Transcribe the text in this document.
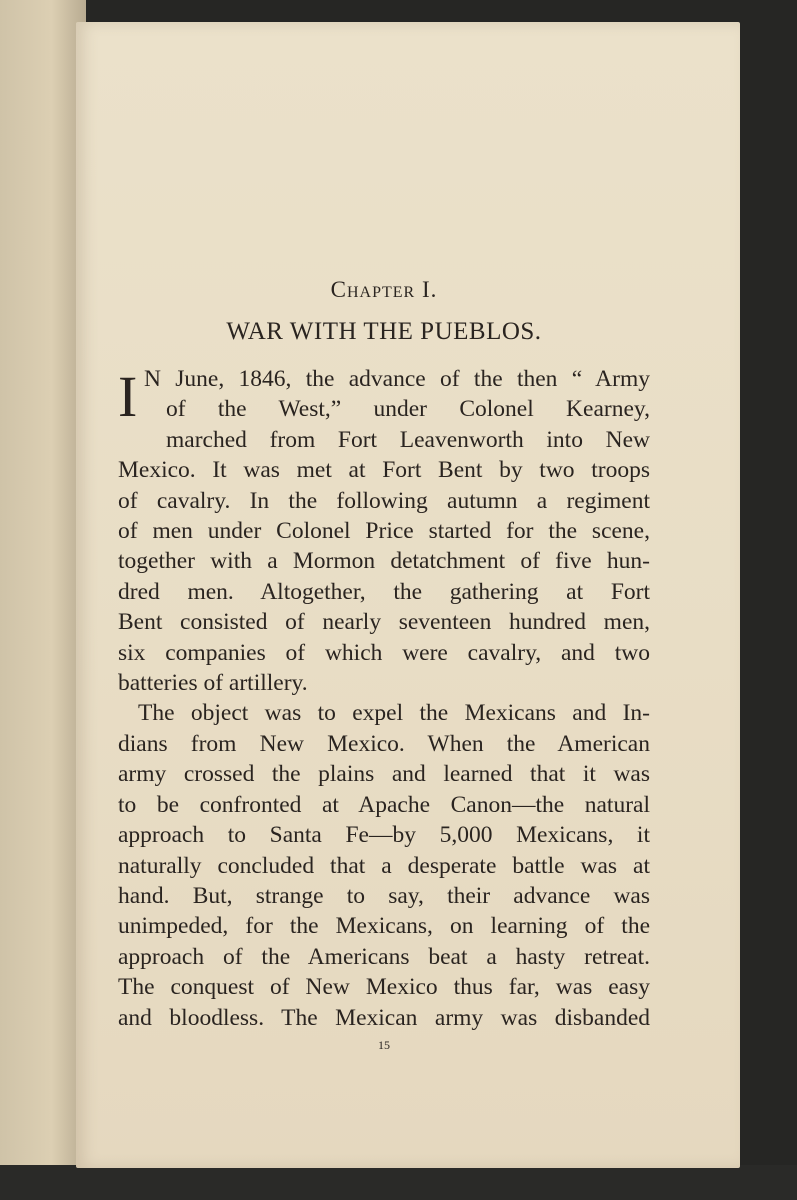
Chapter I.
WAR WITH THE PUEBLOS.
I N June, 1846, the advance of the then “ Army
of the West,” under Colonel Kearney,
marched from Fort Leavenworth into New
Mexico. It was met at Fort Bent by two troops
of cavalry. In the following autumn a regiment
of men under Colonel Price started for the scene,
together with a Mormon detatchment of five hun-
dred men. Altogether, the gathering at Fort
Bent consisted of nearly seventeen hundred men,
six companies of which were cavalry, and two
batteries of artillery.
The object was to expel the Mexicans and In-
dians from New Mexico. When the American
army crossed the plains and learned that it was
to be confronted at Apache Canon—the natural
approach to Santa Fe—by 5,000 Mexicans, it
naturally concluded that a desperate battle was at
hand. But, strange to say, their advance was
unimpeded, for the Mexicans, on learning of the
approach of the Americans beat a hasty retreat.
The conquest of New Mexico thus far, was easy
and bloodless. The Mexican army was disbanded
15
